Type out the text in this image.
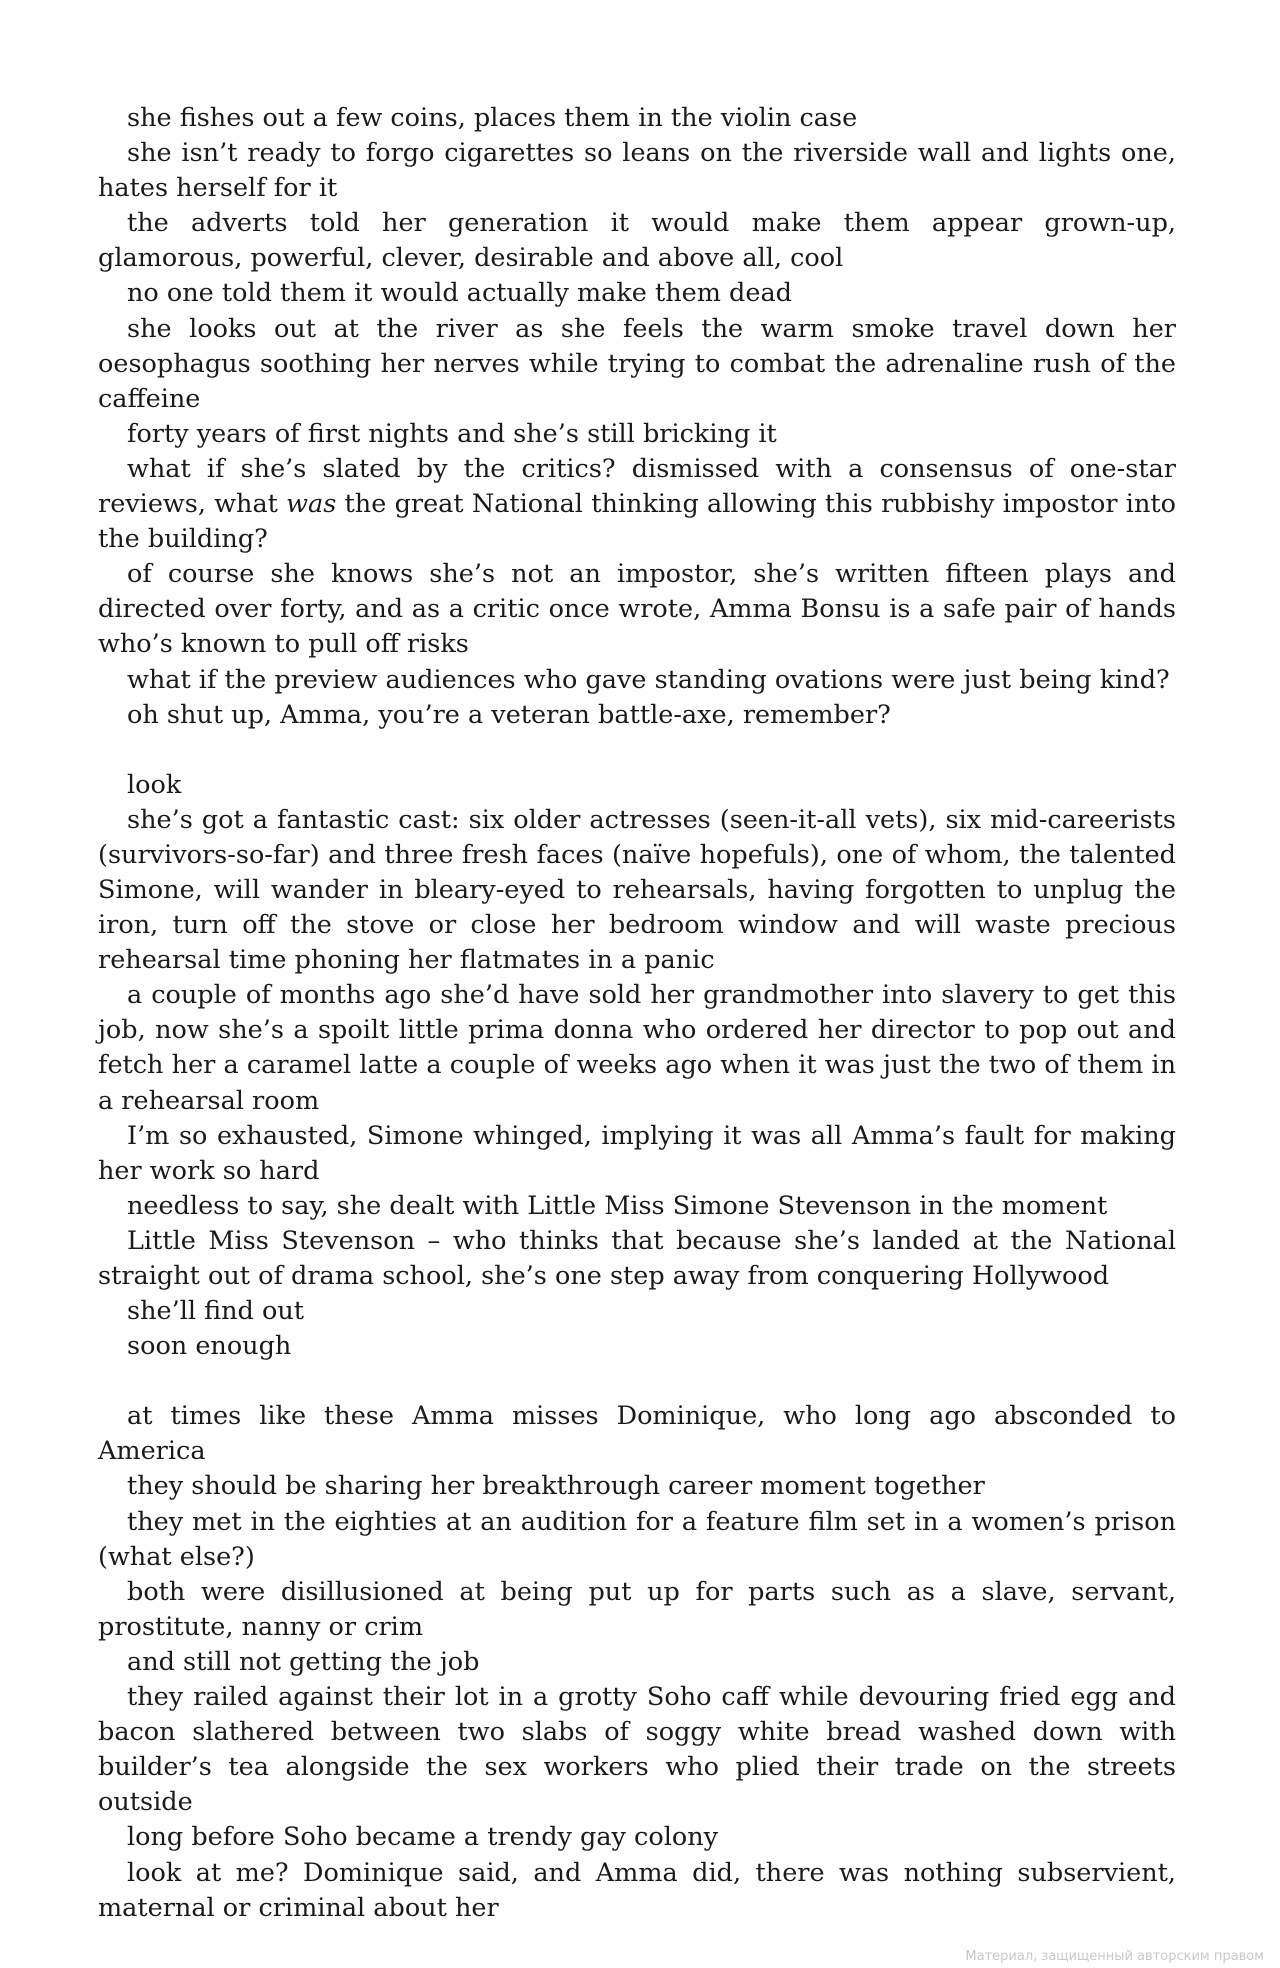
she fishes out a few coins, places them in the violin case

she isn’t ready to forgo cigarettes so leans on the riverside wall and lights one, hates herself for it

the adverts told her generation it would make them appear grown-up, glamorous, powerful, clever, desirable and above all, cool

no one told them it would actually make them dead

she looks out at the river as she feels the warm smoke travel down her oesophagus soothing her nerves while trying to combat the adrenaline rush of the caffeine

forty years of first nights and she’s still bricking it

what if she’s slated by the critics? dismissed with a consensus of one-star reviews, what was the great National thinking allowing this rubbishy impostor into the building?

of course she knows she’s not an impostor, she’s written fifteen plays and directed over forty, and as a critic once wrote, Amma Bonsu is a safe pair of hands who’s known to pull off risks

what if the preview audiences who gave standing ovations were just being kind?

oh shut up, Amma, you’re a veteran battle-axe, remember?

look

she’s got a fantastic cast: six older actresses (seen-it-all vets), six mid-careerists (survivors-so-far) and three fresh faces (naïve hopefuls), one of whom, the talented Simone, will wander in bleary-eyed to rehearsals, having forgotten to unplug the iron, turn off the stove or close her bedroom window and will waste precious rehearsal time phoning her flatmates in a panic

a couple of months ago she’d have sold her grandmother into slavery to get this job, now she’s a spoilt little prima donna who ordered her director to pop out and fetch her a caramel latte a couple of weeks ago when it was just the two of them in a rehearsal room

I’m so exhausted, Simone whinged, implying it was all Amma’s fault for making her work so hard

needless to say, she dealt with Little Miss Simone Stevenson in the moment

Little Miss Stevenson – who thinks that because she’s landed at the National straight out of drama school, she’s one step away from conquering Hollywood

she’ll find out

soon enough

at times like these Amma misses Dominique, who long ago absconded to America

they should be sharing her breakthrough career moment together

they met in the eighties at an audition for a feature film set in a women’s prison (what else?)

both were disillusioned at being put up for parts such as a slave, servant, prostitute, nanny or crim

and still not getting the job

they railed against their lot in a grotty Soho caff while devouring fried egg and bacon slathered between two slabs of soggy white bread washed down with builder’s tea alongside the sex workers who plied their trade on the streets outside

long before Soho became a trendy gay colony

look at me? Dominique said, and Amma did, there was nothing subservient, maternal or criminal about her

Материал, защищенный авторским правом
